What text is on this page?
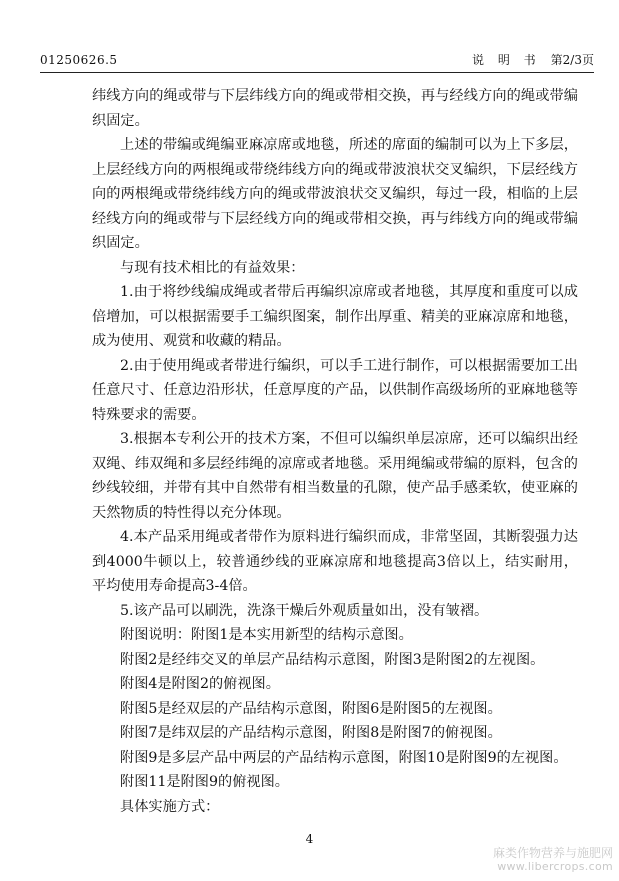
01250626.5	说 明 书 第2/3页

纬线方向的绳或带与下层纬线方向的绳或带相交换，再与经线方向的绳或带编织固定。

上述的带编或绳编亚麻凉席或地毯，所述的席面的编制可以为上下多层，上层经线方向的两根绳或带绕纬线方向的绳或带波浪状交叉编织，下层经线方向的两根绳或带绕纬线方向的绳或带波浪状交叉编织，每过一段，相临的上层经线方向的绳或带与下层经线方向的绳或带相交换，再与纬线方向的绳或带编织固定。

与现有技术相比的有益效果：

1.由于将纱线编成绳或者带后再编织凉席或者地毯，其厚度和重度可以成倍增加，可以根据需要手工编织图案，制作出厚重、精美的亚麻凉席和地毯，成为使用、观赏和收藏的精品。

2.由于使用绳或者带进行编织，可以手工进行制作，可以根据需要加工出任意尺寸、任意边沿形状，任意厚度的产品，以供制作高级场所的亚麻地毯等特殊要求的需要。

3.根据本专利公开的技术方案，不但可以编织单层凉席，还可以编织出经双绳、纬双绳和多层经纬绳的凉席或者地毯。采用绳编或带编的原料，包含的纱线较细，并带有其中自然带有相当数量的孔隙，使产品手感柔软，使亚麻的天然物质的特性得以充分体现。

4.本产品采用绳或者带作为原料进行编织而成，非常坚固，其断裂强力达到4000牛顿以上，较普通纱线的亚麻凉席和地毯提高3倍以上，结实耐用， 平均使用寿命提高3-4倍。

5.该产品可以刷洗，洗涤干燥后外观质量如出，没有皱褶。

附图说明：附图1是本实用新型的结构示意图。

附图2是经纬交叉的单层产品结构示意图，附图3是附图2的左视图。

附图4是附图2的俯视图。

附图5是经双层的产品结构示意图，附图6是附图5的左视图。

附图7是纬双层的产品结构示意图，附图8是附图7的俯视图。

附图9是多层产品中两层的产品结构示意图，附图10是附图9的左视图。

附图11是附图9的俯视图。

具体实施方式：

4
麻类作物营养与施肥网
www.libercrops.com
